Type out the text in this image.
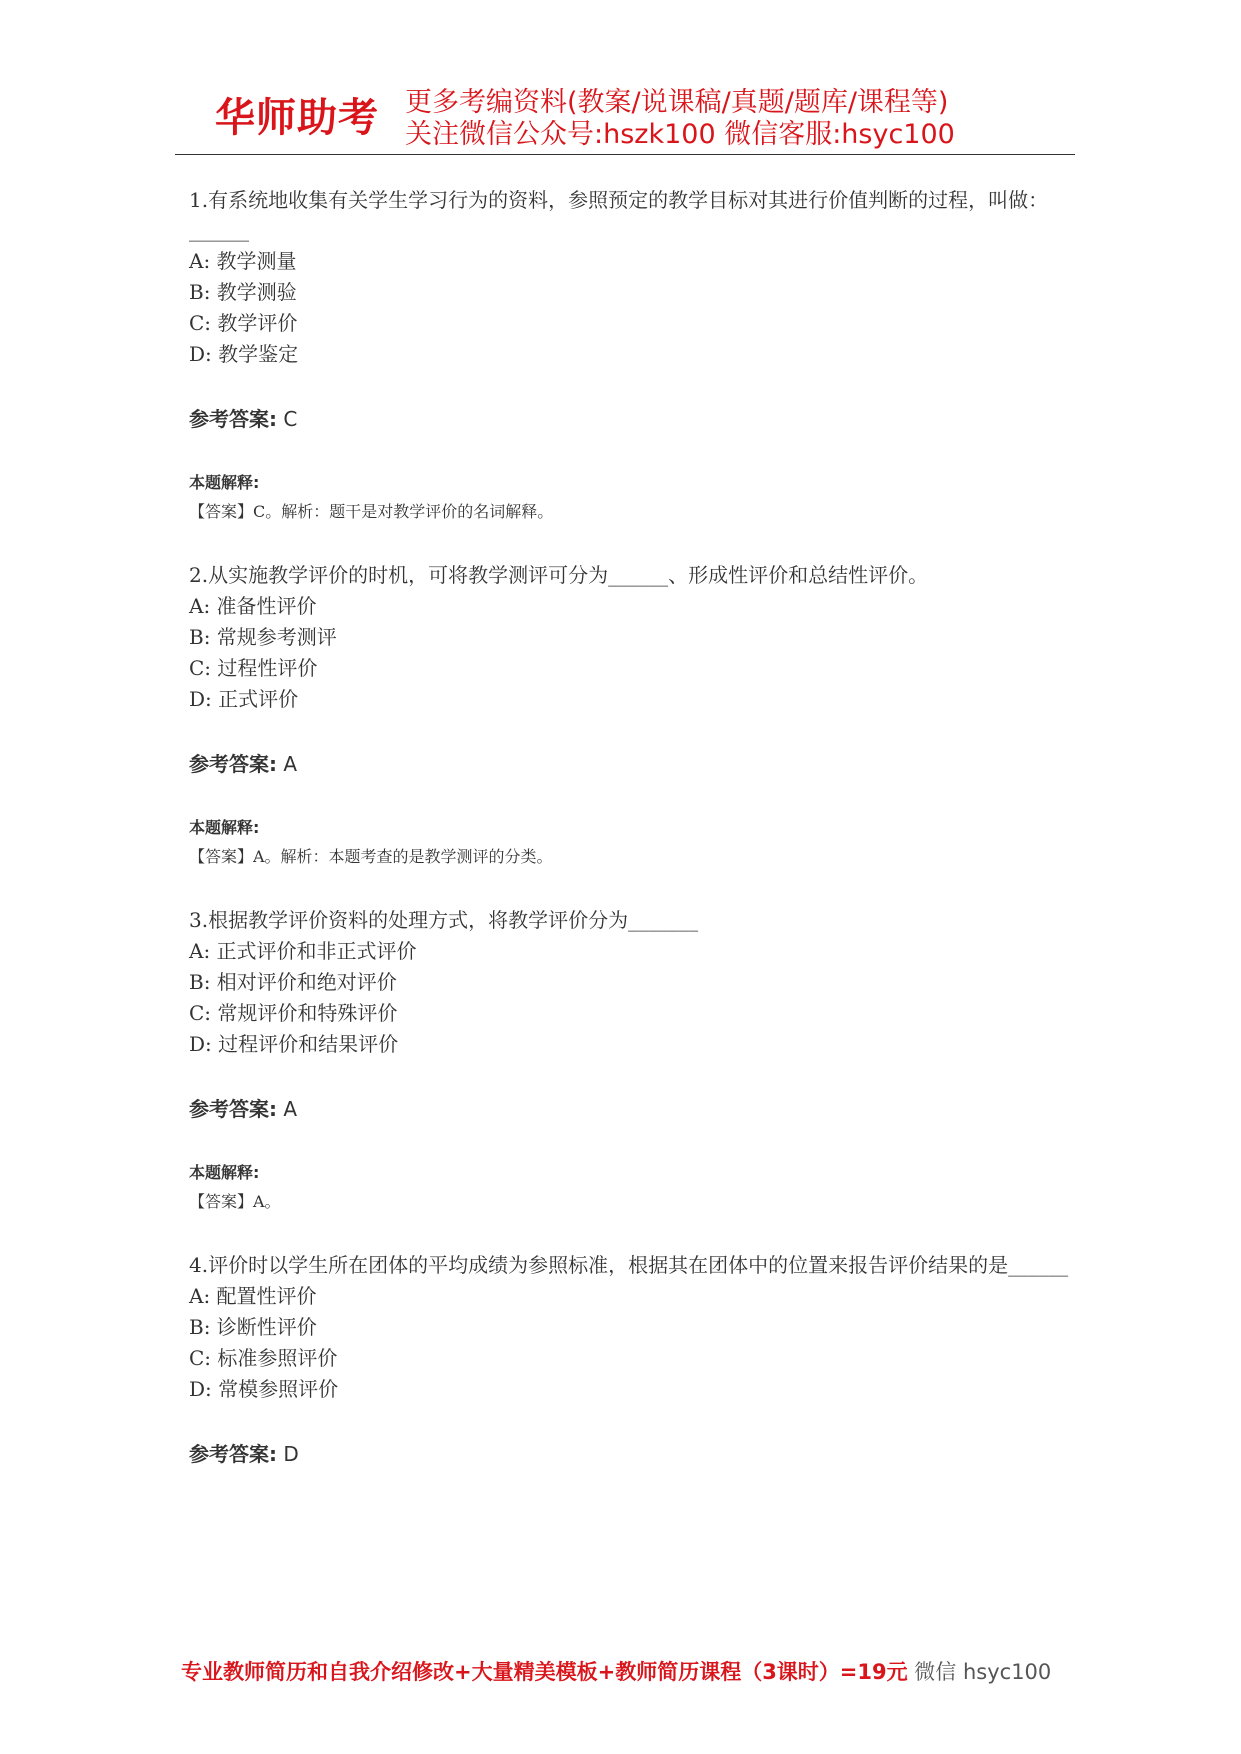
华师助考 更多考编资料(教案/说课稿/真题/题库/课程等)
关注微信公众号:hszk100 微信客服:hsyc100
1.有系统地收集有关学生学习行为的资料，参照预定的教学目标对其进行价值判断的过程，叫做：______
A: 教学测量
B: 教学测验
C: 教学评价
D: 教学鉴定
参考答案: C
本题解释:
【答案】C。解析：题干是对教学评价的名词解释。
2.从实施教学评价的时机，可将教学测评可分为______、形成性评价和总结性评价。
A: 准备性评价
B: 常规参考测评
C: 过程性评价
D: 正式评价
参考答案: A
本题解释:
【答案】A。解析：本题考查的是教学测评的分类。
3.根据教学评价资料的处理方式，将教学评价分为_______
A: 正式评价和非正式评价
B: 相对评价和绝对评价
C: 常规评价和特殊评价
D: 过程评价和结果评价
参考答案: A
本题解释:
【答案】A。
4.评价时以学生所在团体的平均成绩为参照标准，根据其在团体中的位置来报告评价结果的是______
A: 配置性评价
B: 诊断性评价
C: 标准参照评价
D: 常模参照评价
参考答案: D
专业教师简历和自我介绍修改+大量精美模板+教师简历课程（3课时）=19元 微信 hsyc100
